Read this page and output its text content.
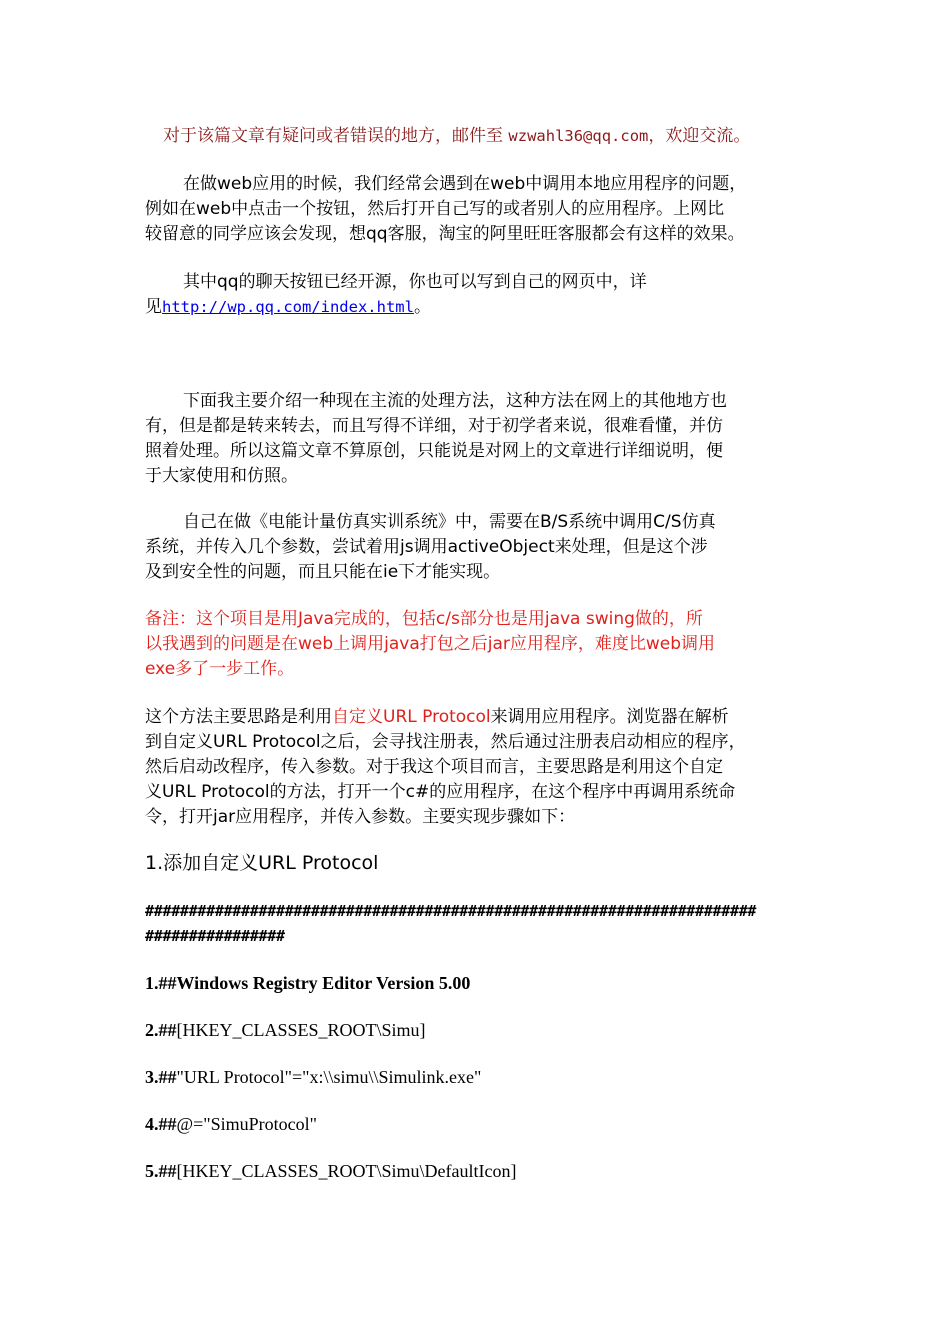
对于该篇文章有疑问或者错误的地方，邮件至 wzwahl36@qq.com，欢迎交流。
在做web应用的时候，我们经常会遇到在web中调用本地应用程序的问题，
例如在web中点击一个按钮，然后打开自己写的或者别人的应用程序。上网比
较留意的同学应该会发现，想qq客服，淘宝的阿里旺旺客服都会有这样的效果。
其中qq的聊天按钮已经开源，你也可以写到自己的网页中，详
见http://wp.qq.com/index.html。
下面我主要介绍一种现在主流的处理方法，这种方法在网上的其他地方也
有，但是都是转来转去，而且写得不详细，对于初学者来说，很难看懂，并仿
照着处理。所以这篇文章不算原创，只能说是对网上的文章进行详细说明，便
于大家使用和仿照。
自己在做《电能计量仿真实训系统》中，需要在B/S系统中调用C/S仿真
系统，并传入几个参数，尝试着用js调用activeObject来处理，但是这个涉
及到安全性的问题，而且只能在ie下才能实现。
备注：这个项目是用Java完成的，包括c/s部分也是用java swing做的，所
以我遇到的问题是在web上调用java打包之后jar应用程序，难度比web调用
exe多了一步工作。
这个方法主要思路是利用自定义URL Protocol来调用应用程序。浏览器在解析
到自定义URL Protocol之后，会寻找注册表，然后通过注册表启动相应的程序，
然后启动改程序，传入参数。对于我这个项目而言，主要思路是利用这个自定
义URL Protocol的方法，打开一个c#的应用程序，在这个程序中再调用系统命
令，打开jar应用程序，并传入参数。主要实现步骤如下：
1.添加自定义URL Protocol
######################################################################
################
1.##Windows Registry Editor Version 5.00
2.##[HKEY_CLASSES_ROOT\Simu]
3.##"URL Protocol"="x:\\simu\\Simulink.exe"
4.##@="SimuProtocol"
5.##[HKEY_CLASSES_ROOT\Simu\DefaultIcon]
